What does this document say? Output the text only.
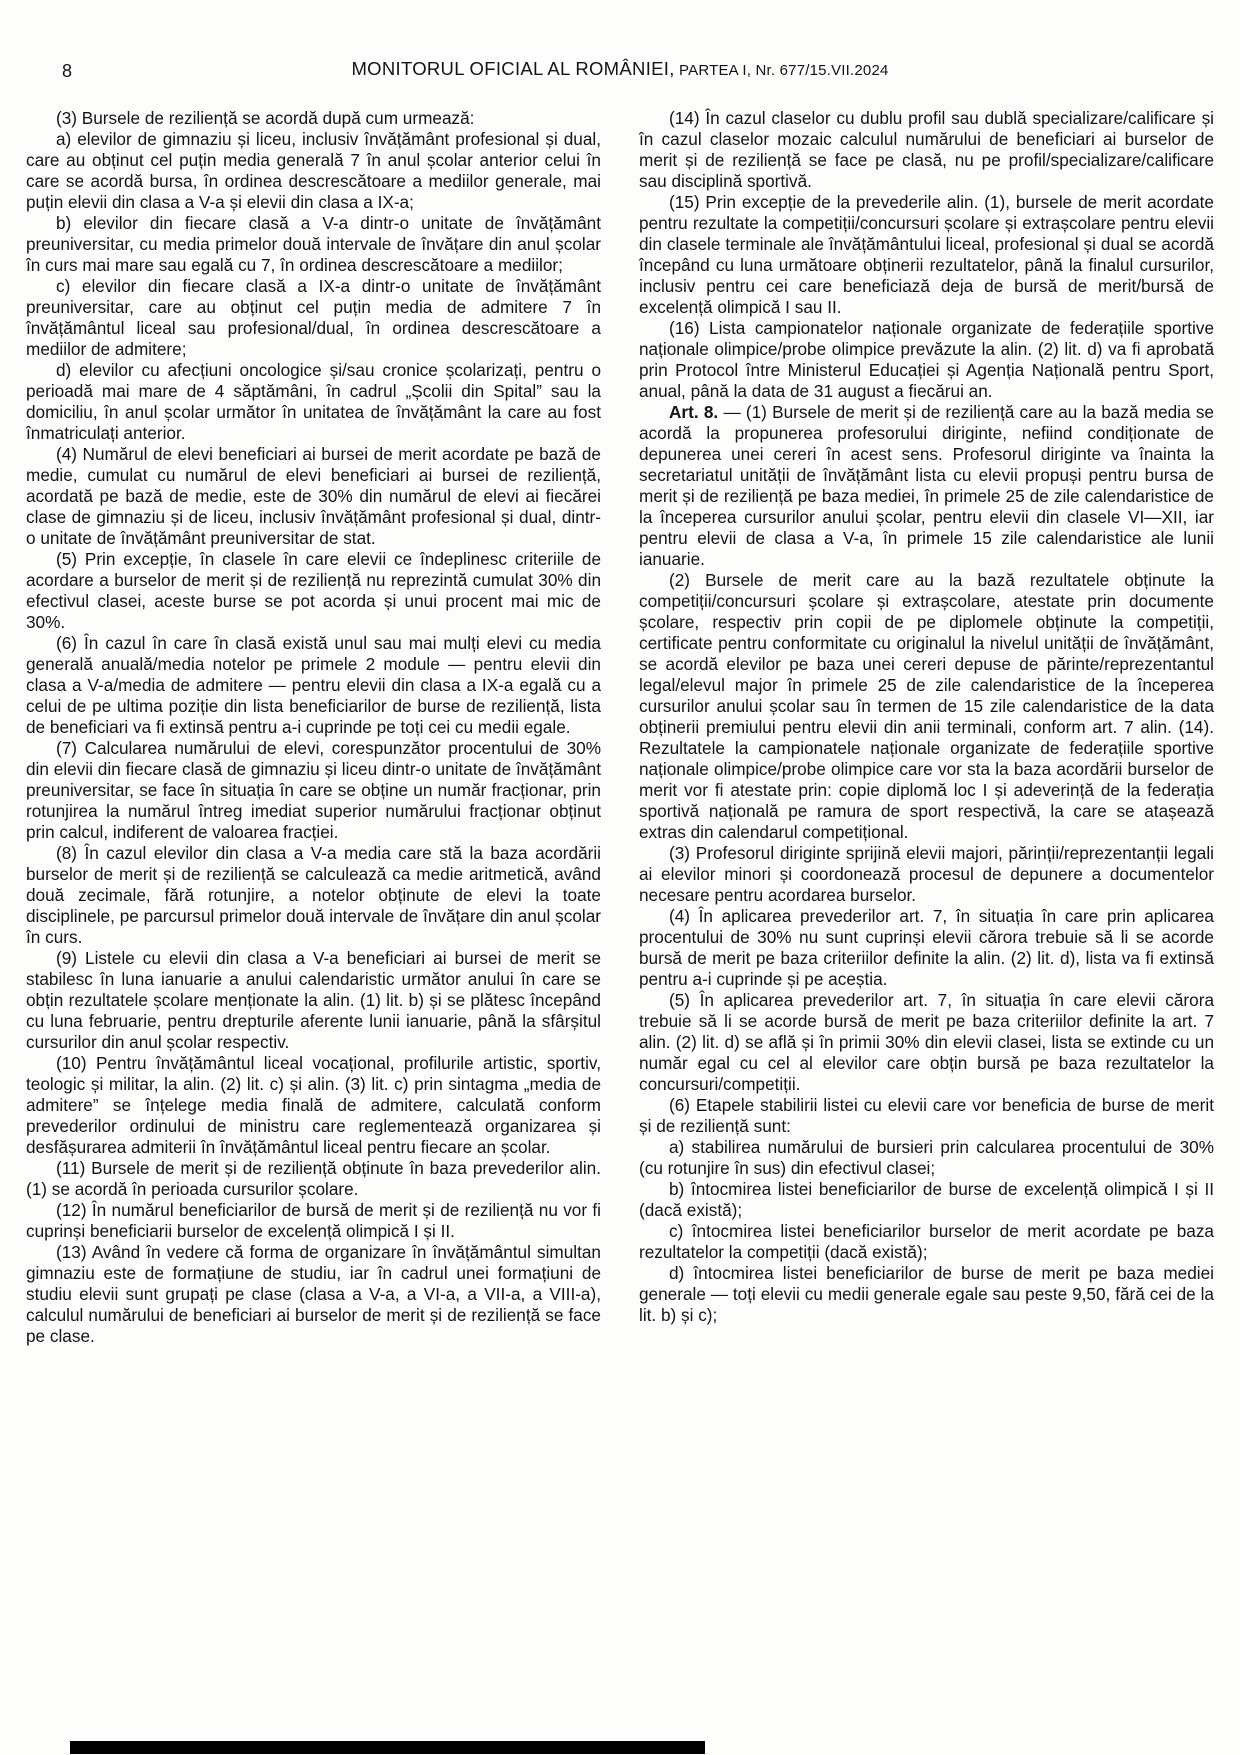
8	MONITORUL OFICIAL AL ROMÂNIEI, PARTEA I, Nr. 677/15.VII.2024

(3) Bursele de reziliență se acordă după cum urmează:

a) elevilor de gimnaziu și liceu, inclusiv învățământ profesional și dual, care au obținut cel puțin media generală 7 în anul școlar anterior celui în care se acordă bursa, în ordinea descrescătoare a mediilor generale, mai puțin elevii din clasa a V-a și elevii din clasa a IX-a;

b) elevilor din fiecare clasă a V-a dintr-o unitate de învățământ preuniversitar, cu media primelor două intervale de învățare din anul școlar în curs mai mare sau egală cu 7, în ordinea descrescătoare a mediilor;

c) elevilor din fiecare clasă a IX-a dintr-o unitate de învățământ preuniversitar, care au obținut cel puțin media de admitere 7 în învățământul liceal sau profesional/dual, în ordinea descrescătoare a mediilor de admitere;

d) elevilor cu afecțiuni oncologice și/sau cronice școlarizați, pentru o perioadă mai mare de 4 săptămâni, în cadrul „Școlii din Spital” sau la domiciliu, în anul școlar următor în unitatea de învățământ la care au fost înmatriculați anterior.

(4) Numărul de elevi beneficiari ai bursei de merit acordate pe bază de medie, cumulat cu numărul de elevi beneficiari ai bursei de reziliență, acordată pe bază de medie, este de 30% din numărul de elevi ai fiecărei clase de gimnaziu și de liceu, inclusiv învățământ profesional și dual, dintr-o unitate de învățământ preuniversitar de stat.

(5) Prin excepție, în clasele în care elevii ce îndeplinesc criteriile de acordare a burselor de merit și de reziliență nu reprezintă cumulat 30% din efectivul clasei, aceste burse se pot acorda și unui procent mai mic de 30%.

(6) În cazul în care în clasă există unul sau mai mulți elevi cu media generală anuală/media notelor pe primele 2 module — pentru elevii din clasa a V-a/media de admitere — pentru elevii din clasa a IX-a egală cu a celui de pe ultima poziție din lista beneficiarilor de burse de reziliență, lista de beneficiari va fi extinsă pentru a-i cuprinde pe toți cei cu medii egale.

(7) Calcularea numărului de elevi, corespunzător procentului de 30% din elevii din fiecare clasă de gimnaziu și liceu dintr-o unitate de învățământ preuniversitar, se face în situația în care se obține un număr fracționar, prin rotunjirea la numărul întreg imediat superior numărului fracționar obținut prin calcul, indiferent de valoarea fracției.

(8) În cazul elevilor din clasa a V-a media care stă la baza acordării burselor de merit și de reziliență se calculează ca medie aritmetică, având două zecimale, fără rotunjire, a notelor obținute de elevi la toate disciplinele, pe parcursul primelor două intervale de învățare din anul școlar în curs.

(9) Listele cu elevii din clasa a V-a beneficiari ai bursei de merit se stabilesc în luna ianuarie a anului calendaristic următor anului în care se obțin rezultatele școlare menționate la alin. (1) lit. b) și se plătesc începând cu luna februarie, pentru drepturile aferente lunii ianuarie, până la sfârșitul cursurilor din anul școlar respectiv.

(10) Pentru învățământul liceal vocațional, profilurile artistic, sportiv, teologic și militar, la alin. (2) lit. c) și alin. (3) lit. c) prin sintagma „media de admitere” se înțelege media finală de admitere, calculată conform prevederilor ordinului de ministru care reglementează organizarea și desfășurarea admiterii în învățământul liceal pentru fiecare an școlar.

(11) Bursele de merit și de reziliență obținute în baza prevederilor alin. (1) se acordă în perioada cursurilor școlare.

(12) În numărul beneficiarilor de bursă de merit și de reziliență nu vor fi cuprinși beneficiarii burselor de excelență olimpică I și II.

(13) Având în vedere că forma de organizare în învățământul simultan gimnaziu este de formațiune de studiu, iar în cadrul unei formațiuni de studiu elevii sunt grupați pe clase (clasa a V-a, a VI-a, a VII-a, a VIII-a), calculul numărului de beneficiari ai burselor de merit și de reziliență se face pe clase.

(14) În cazul claselor cu dublu profil sau dublă specializare/calificare și în cazul claselor mozaic calculul numărului de beneficiari ai burselor de merit și de reziliență se face pe clasă, nu pe profil/specializare/calificare sau disciplină sportivă.

(15) Prin excepție de la prevederile alin. (1), bursele de merit acordate pentru rezultate la competiții/concursuri școlare și extrașcolare pentru elevii din clasele terminale ale învățământului liceal, profesional și dual se acordă începând cu luna următoare obținerii rezultatelor, până la finalul cursurilor, inclusiv pentru cei care beneficiază deja de bursă de merit/bursă de excelență olimpică I sau II.

(16) Lista campionatelor naționale organizate de federațiile sportive naționale olimpice/probe olimpice prevăzute la alin. (2) lit. d) va fi aprobată prin Protocol între Ministerul Educației și Agenția Națională pentru Sport, anual, până la data de 31 august a fiecărui an.

Art. 8. — (1) Bursele de merit și de reziliență care au la bază media se acordă la propunerea profesorului diriginte, nefiind condiționate de depunerea unei cereri în acest sens. Profesorul diriginte va înainta la secretariatul unității de învățământ lista cu elevii propuși pentru bursa de merit și de reziliență pe baza mediei, în primele 25 de zile calendaristice de la începerea cursurilor anului școlar, pentru elevii din clasele VI—XII, iar pentru elevii de clasa a V-a, în primele 15 zile calendaristice ale lunii ianuarie.

(2) Bursele de merit care au la bază rezultatele obținute la competiții/concursuri școlare și extrașcolare, atestate prin documente școlare, respectiv prin copii de pe diplomele obținute la competiții, certificate pentru conformitate cu originalul la nivelul unității de învățământ, se acordă elevilor pe baza unei cereri depuse de părinte/reprezentantul legal/elevul major în primele 25 de zile calendaristice de la începerea cursurilor anului școlar sau în termen de 15 zile calendaristice de la data obținerii premiului pentru elevii din anii terminali, conform art. 7 alin. (14). Rezultatele la campionatele naționale organizate de federațiile sportive naționale olimpice/probe olimpice care vor sta la baza acordării burselor de merit vor fi atestate prin: copie diplomă loc I și adeverință de la federația sportivă națională pe ramura de sport respectivă, la care se atașează extras din calendarul competițional.

(3) Profesorul diriginte sprijină elevii majori, părinții/reprezentanții legali ai elevilor minori și coordonează procesul de depunere a documentelor necesare pentru acordarea burselor.

(4) În aplicarea prevederilor art. 7, în situația în care prin aplicarea procentului de 30% nu sunt cuprinși elevii cărora trebuie să li se acorde bursă de merit pe baza criteriilor definite la alin. (2) lit. d), lista va fi extinsă pentru a-i cuprinde și pe aceștia.

(5) În aplicarea prevederilor art. 7, în situația în care elevii cărora trebuie să li se acorde bursă de merit pe baza criteriilor definite la art. 7 alin. (2) lit. d) se află și în primii 30% din elevii clasei, lista se extinde cu un număr egal cu cel al elevilor care obțin bursă pe baza rezultatelor la concursuri/competiții.

(6) Etapele stabilirii listei cu elevii care vor beneficia de burse de merit și de reziliență sunt:

a) stabilirea numărului de bursieri prin calcularea procentului de 30% (cu rotunjire în sus) din efectivul clasei;

b) întocmirea listei beneficiarilor de burse de excelență olimpică I și II (dacă există);

c) întocmirea listei beneficiarilor burselor de merit acordate pe baza rezultatelor la competiții (dacă există);

d) întocmirea listei beneficiarilor de burse de merit pe baza mediei generale — toți elevii cu medii generale egale sau peste 9,50, fără cei de la lit. b) și c);
